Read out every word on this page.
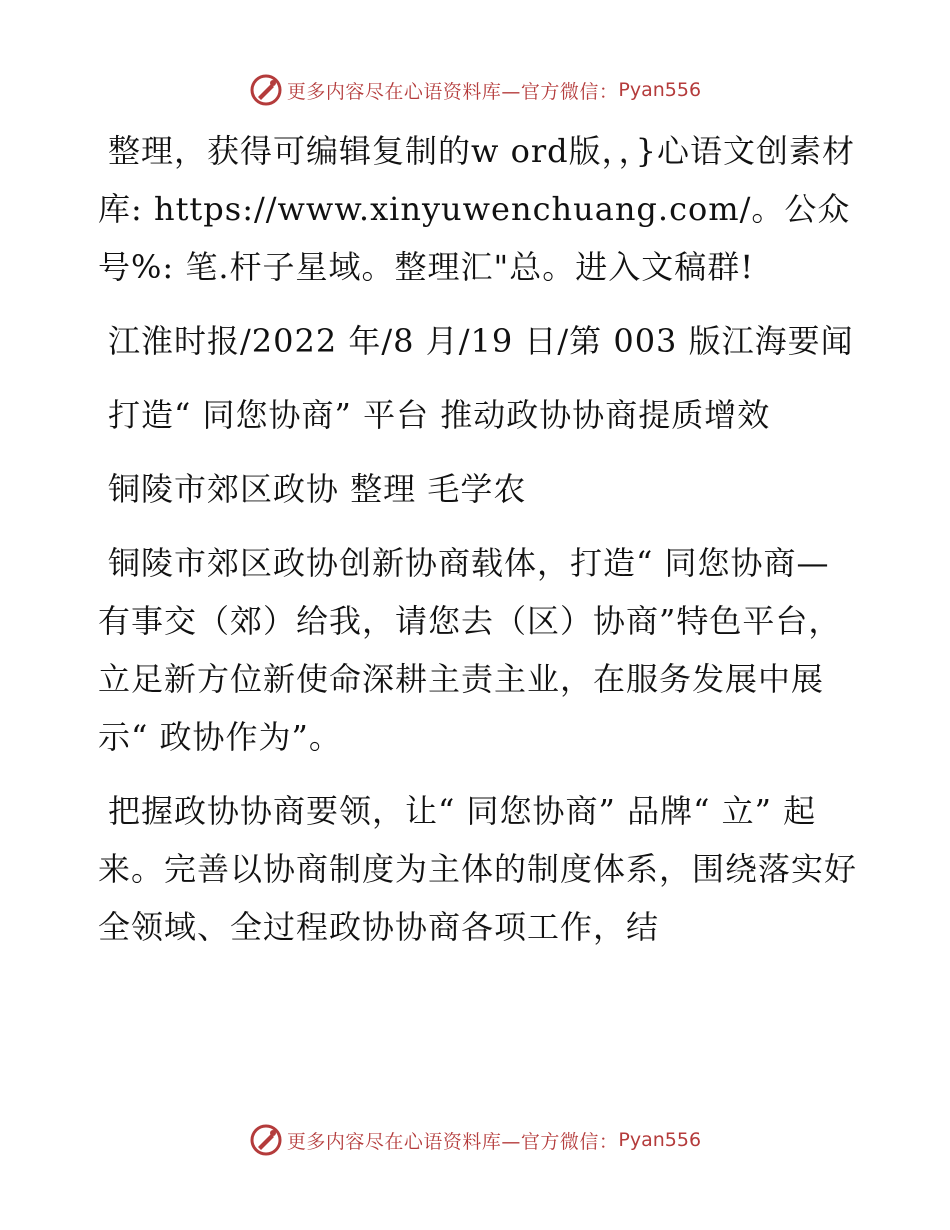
更多内容尽在心语资料库—官方微信： Pyan556

整理，获得可编辑复制的w ord版，，}心语文创素材库: https://www.xinyuwenchuang.com/。公众号%: 笔.杆子星域。整理汇"总。进入文稿群!

江淮时报/2022 年/8 月/19 日/第 003 版江海要闻

打造“ 同您协商” 平台 推动政协协商提质增效

铜陵市郊区政协 整理 毛学农

铜陵市郊区政协创新协商载体，打造“ 同您协商—有事交（郊）给我，请您去（区）协商”特色平台，立足新方位新使命深耕主责主业，在服务发展中展示“ 政协作为”。

把握政协协商要领，让“ 同您协商” 品牌“ 立” 起来。完善以协商制度为主体的制度体系，围绕落实好全领域、全过程政协协商各项工作，结

更多内容尽在心语资料库—官方微信： Pyan556
